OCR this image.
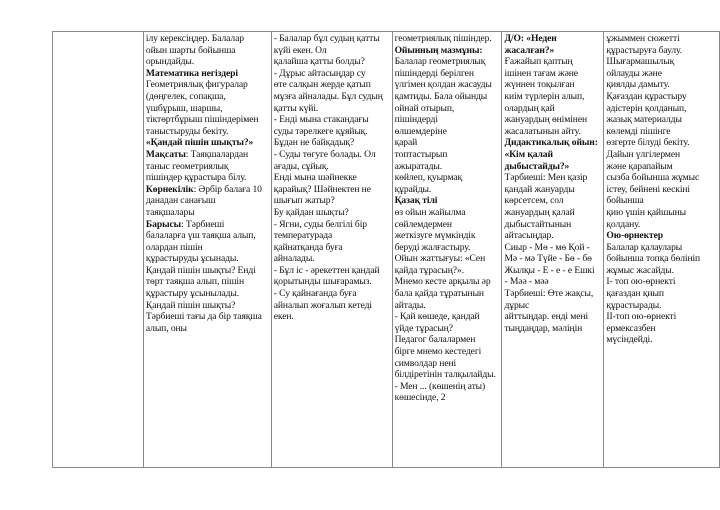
ілу керексіңдер. Балалар
ойын шарты бойынша
орындайды.
Математика негіздері
Геометриялық фигуралар
(дөңгелек, сопақша,
үшбұрыш, шаршы,
тіктөртбұрыш пішіндерімен
таныстыруды бекіту.
«Қандай пішін шықты?»
Мақсаты: Таяқшалардан
таныс геометриялық
пішіндер құрастыра білу.
Көрнекілік: Әрбір балаға 10
данадан санағыш
таяқшалары
Барысы: Тәрбиеші
балаларға үш таяқша алып,
олардан пішін
құрастыруды ұсынады.
Қандай пішін шықты? Енді
төрт таяқша алып, пішін
құрастыру ұсынылады.
Қандай пішін шықты?
Тәрбиеші тағы да бір таяқша
алып, оны

- Балалар бұл судың қатты
күйі екен. Ол
қалайша қатты болды?
- Дұрыс айтасыңдар су
өте салқын жерде қатып
мұзға айналады. Бұл судың
қатты күйі.
- Енді мына стакандағы
суды тәрелкеге құяйық.
Бұдан не байқадық?
- Суды төгуге болады. Ол
ағады, сұйық.
Енді мына шәйнекке
қарайық? Шәйнектен не
шығып жатыр?
Бу қайдан шықты?
- Ягни, суды белгілі бір
температурада
қайнатқанда буға
айналады.
- Бұл іс - әрекеттен қандай
қорытынды шығарамыз.
- Су қайнағанда буға
айналып жоғалып кетеді
екен.

геометриялық пішіндер.
Ойынның мазмұны:
Балалар геометриялық
пішіндерді берілген
үлгімен қолдан жасауды
қамтиды. Бала ойынды
ойнай отырып,
пішіндерді
өлшемдеріне
қарай
топтастырып
ажыратады.
көйлеп, қуырмақ
құрайды.
Қазақ тілі
өз ойын жайылма
сөйлемдермен
жеткізуге мүмкіндік
беруді жалғастыру.
Ойын жаттығуы: «Сен
қайда тұрасың?».
Мнемо кесте арқылы әр
бала қайда тұратынын
айтады.
- Қай көшеде, қандай
үйде тұрасың?
Педагог балалармен
бірге мнемо кестедегі
символдар нені
білдіретінін талқылайды.
- Мен ... (көшенің аты)
көшесінде, 2

Д/О: «Неден
жасалған?»
Ғажайып қаптың
ішінен тағам және
жүннен тоқылған
киім түрлерін алып,
олардың қай
жануардың өнімінен
жасалатынын айту.
Дидактикалық ойын:
«Кім қалай
дыбыстайды?»
Тәрбиеші: Мен қазір
қандай жануарды
көрсетсем, сол
жануардың қалай
дыбыстайтынын
айтасыңдар.
Сиыр - Мө - мө Қой -
Мә - мә Түйе - Бө - бө
Жылқы - Е - е - е Ешкі
- Мәә - мәә
Тәрбиеші: Өте жақсы,
дұрыс
айттыңдар. енді мені
тыңдаңдар, мәліңін

ұжыммен сюжетті
құрастыруға баулу.
Шығармашылық
ойлауды және
қиялды дамыту.
Қағаздан құрастыру
әдістерін қолданып,
жазық материалды
көлемді пішінге
өзгерте білуді бекіту.
Дайын үлгілермен
және қарапайым
сызба бойынша жұмыс
істеу, бейнені кескіні
бойынша
қию үшін қайшыны
қолдану.
Ою-өрнектер
Балалар қалаулары
бойынша топқа бөлініп
жұмыс жасайды.
I- топ ою-өрнекті
қағаздан қиып
құрастырады.
II-топ ою-өрнекті
ермексазбен
мүсіндейді.
